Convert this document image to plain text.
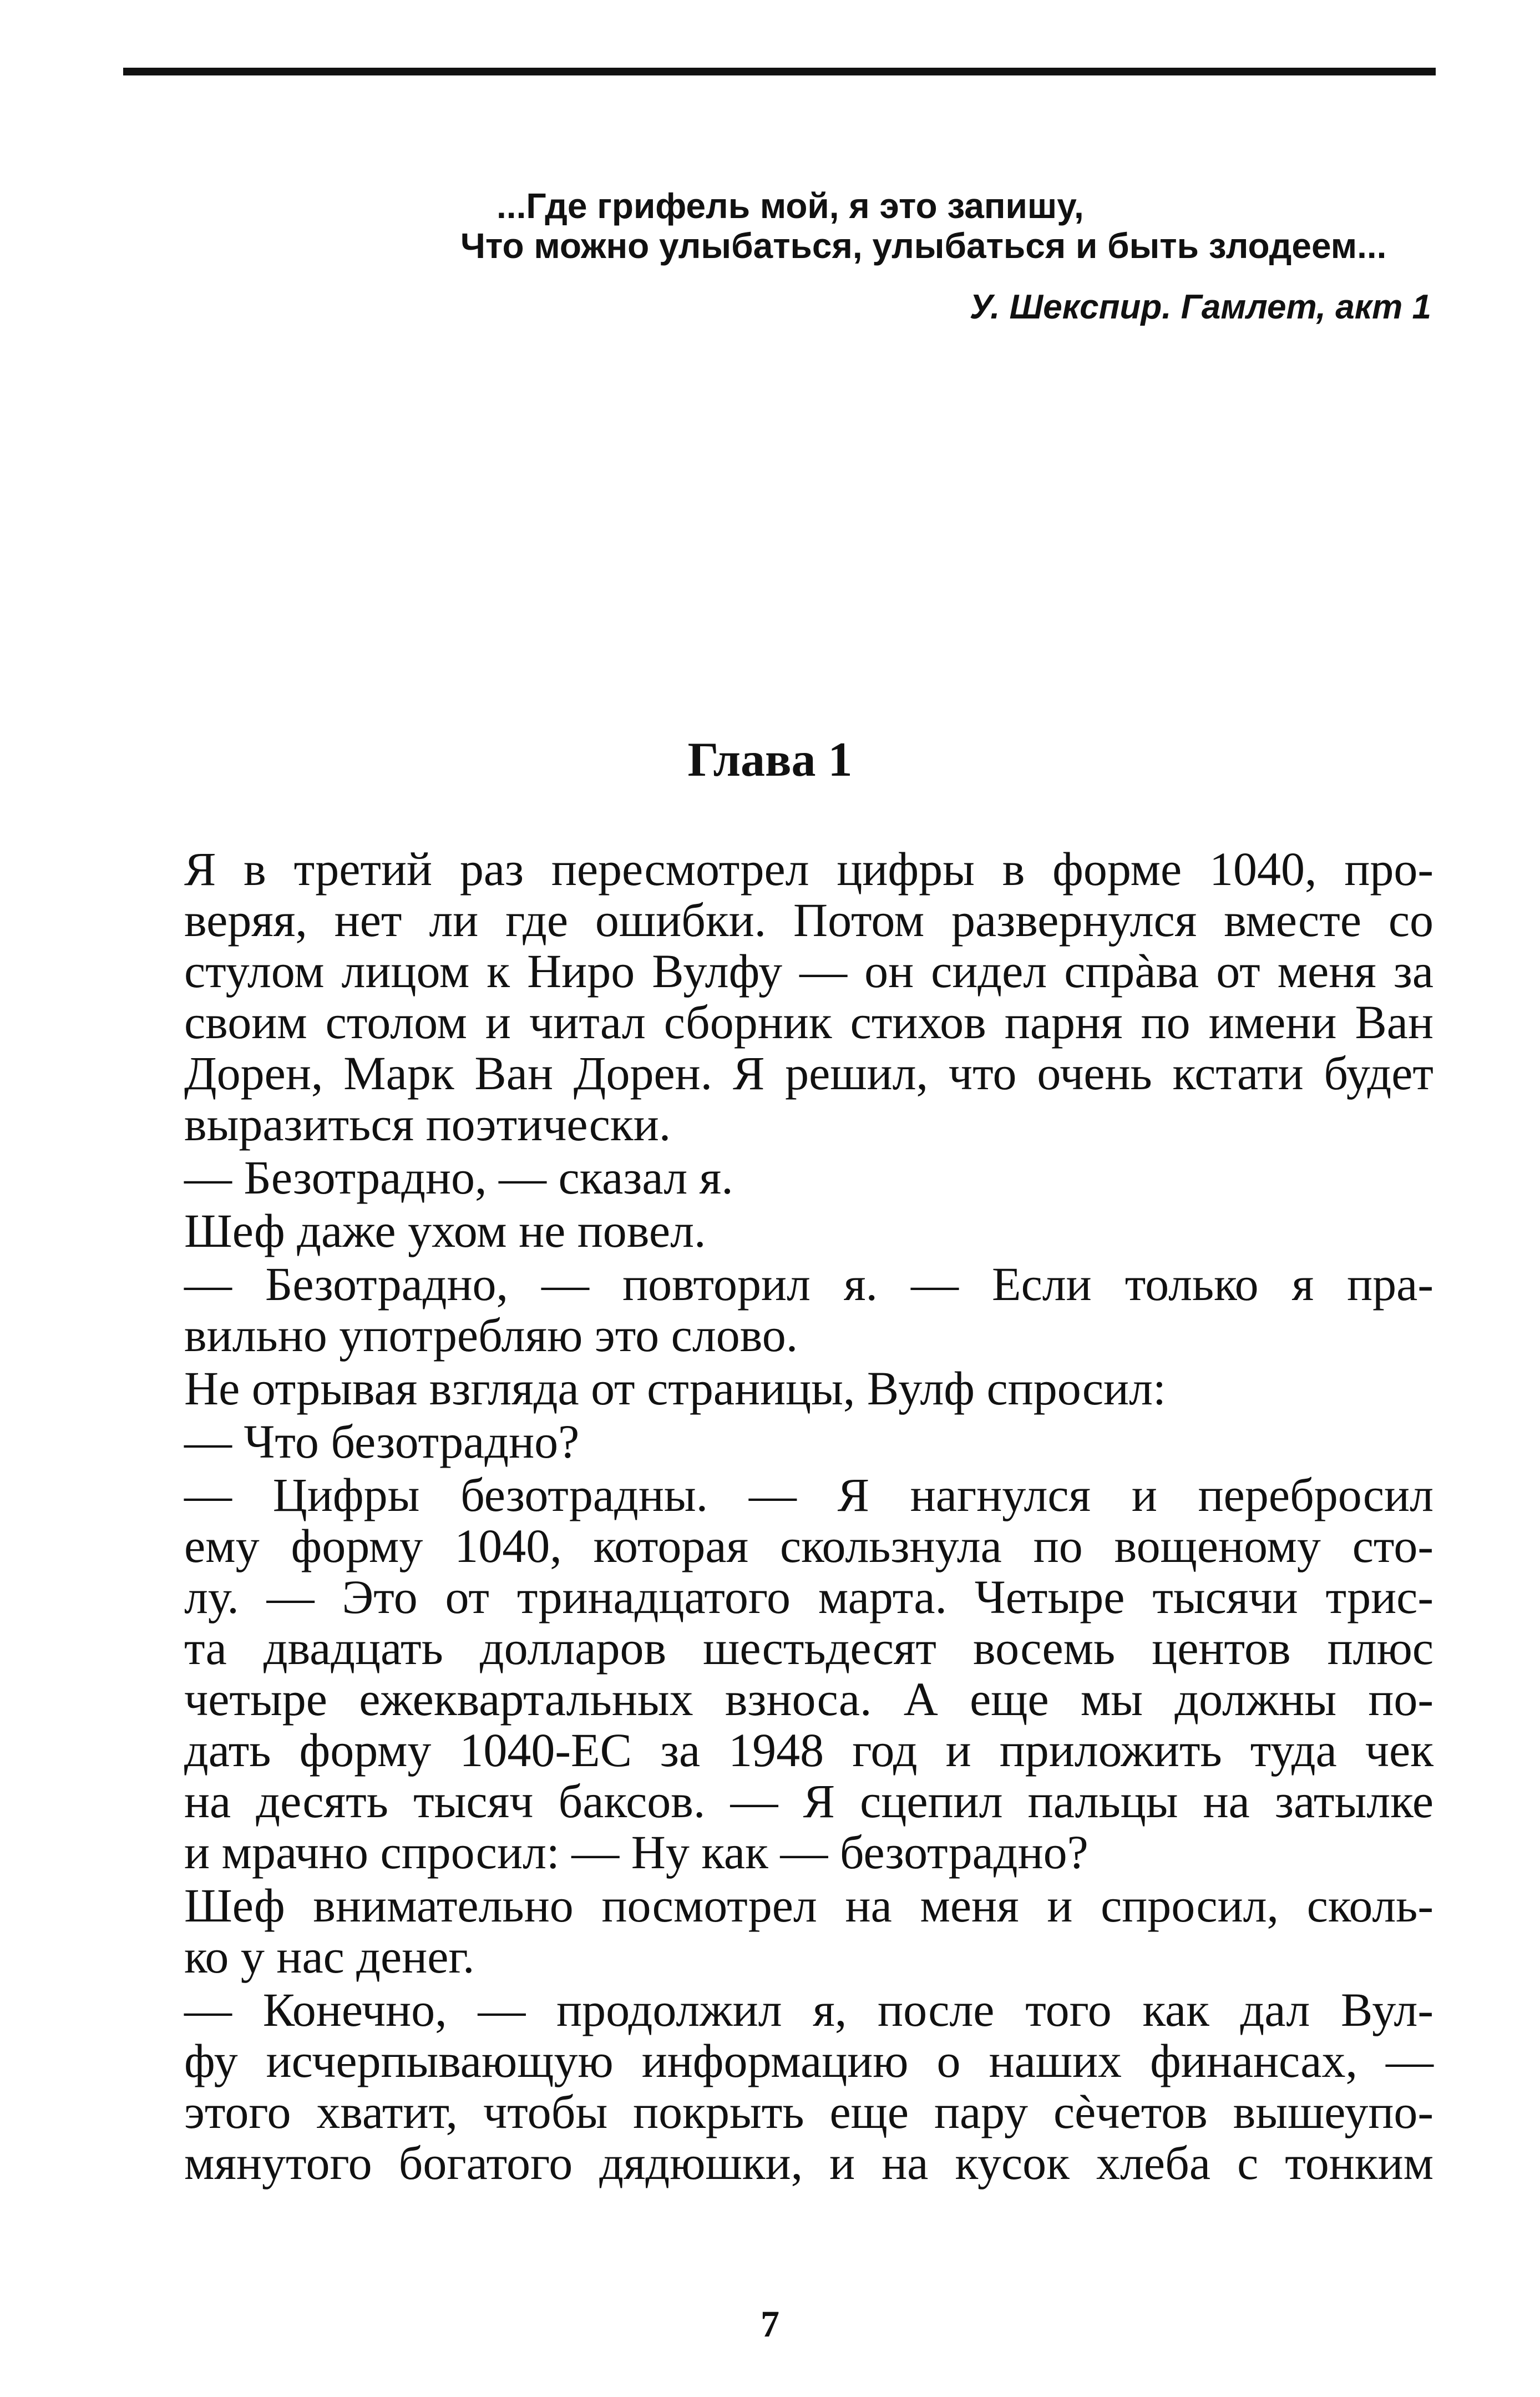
...Где грифель мой, я это запишу,
Что можно улыбаться, улыбаться и быть злодеем...
У. Шекспир. Гамлет, акт 1
Глава 1
Я в третий раз пересмотрел цифры в форме 1040, про-
веряя, нет ли где ошибки. Потом развернулся вместе со
стулом лицом к Ниро Вулфу — он сидел спрàва от меня за
своим столом и читал сборник стихов парня по имени Ван
Дорен, Марк Ван Дорен. Я решил, что очень кстати будет
выразиться поэтически.
— Безотрадно, — сказал я.
Шеф даже ухом не повел.
— Безотрадно, — повторил я. — Если только я пра-
вильно употребляю это слово.
Не отрывая взгляда от страницы, Вулф спросил:
— Что безотрадно?
— Цифры безотрадны. — Я нагнулся и перебросил
ему форму 1040, которая скользнула по вощеному сто-
лу. — Это от тринадцатого марта. Четыре тысячи трис-
та двадцать долларов шестьдесят восемь центов плюс
четыре ежеквартальных взноса. А еще мы должны по-
дать форму 1040-ЕС за 1948 год и приложить туда чек
на десять тысяч баксов. — Я сцепил пальцы на затылке
и мрачно спросил: — Ну как — безотрадно?
Шеф внимательно посмотрел на меня и спросил, сколь-
ко у нас денег.
— Конечно, — продолжил я, после того как дал Вул-
фу исчерпывающую информацию о наших финансах, —
этого хватит, чтобы покрыть еще пару сѐчетов вышеупо-
мянутого богатого дядюшки, и на кусок хлеба с тонким
7
